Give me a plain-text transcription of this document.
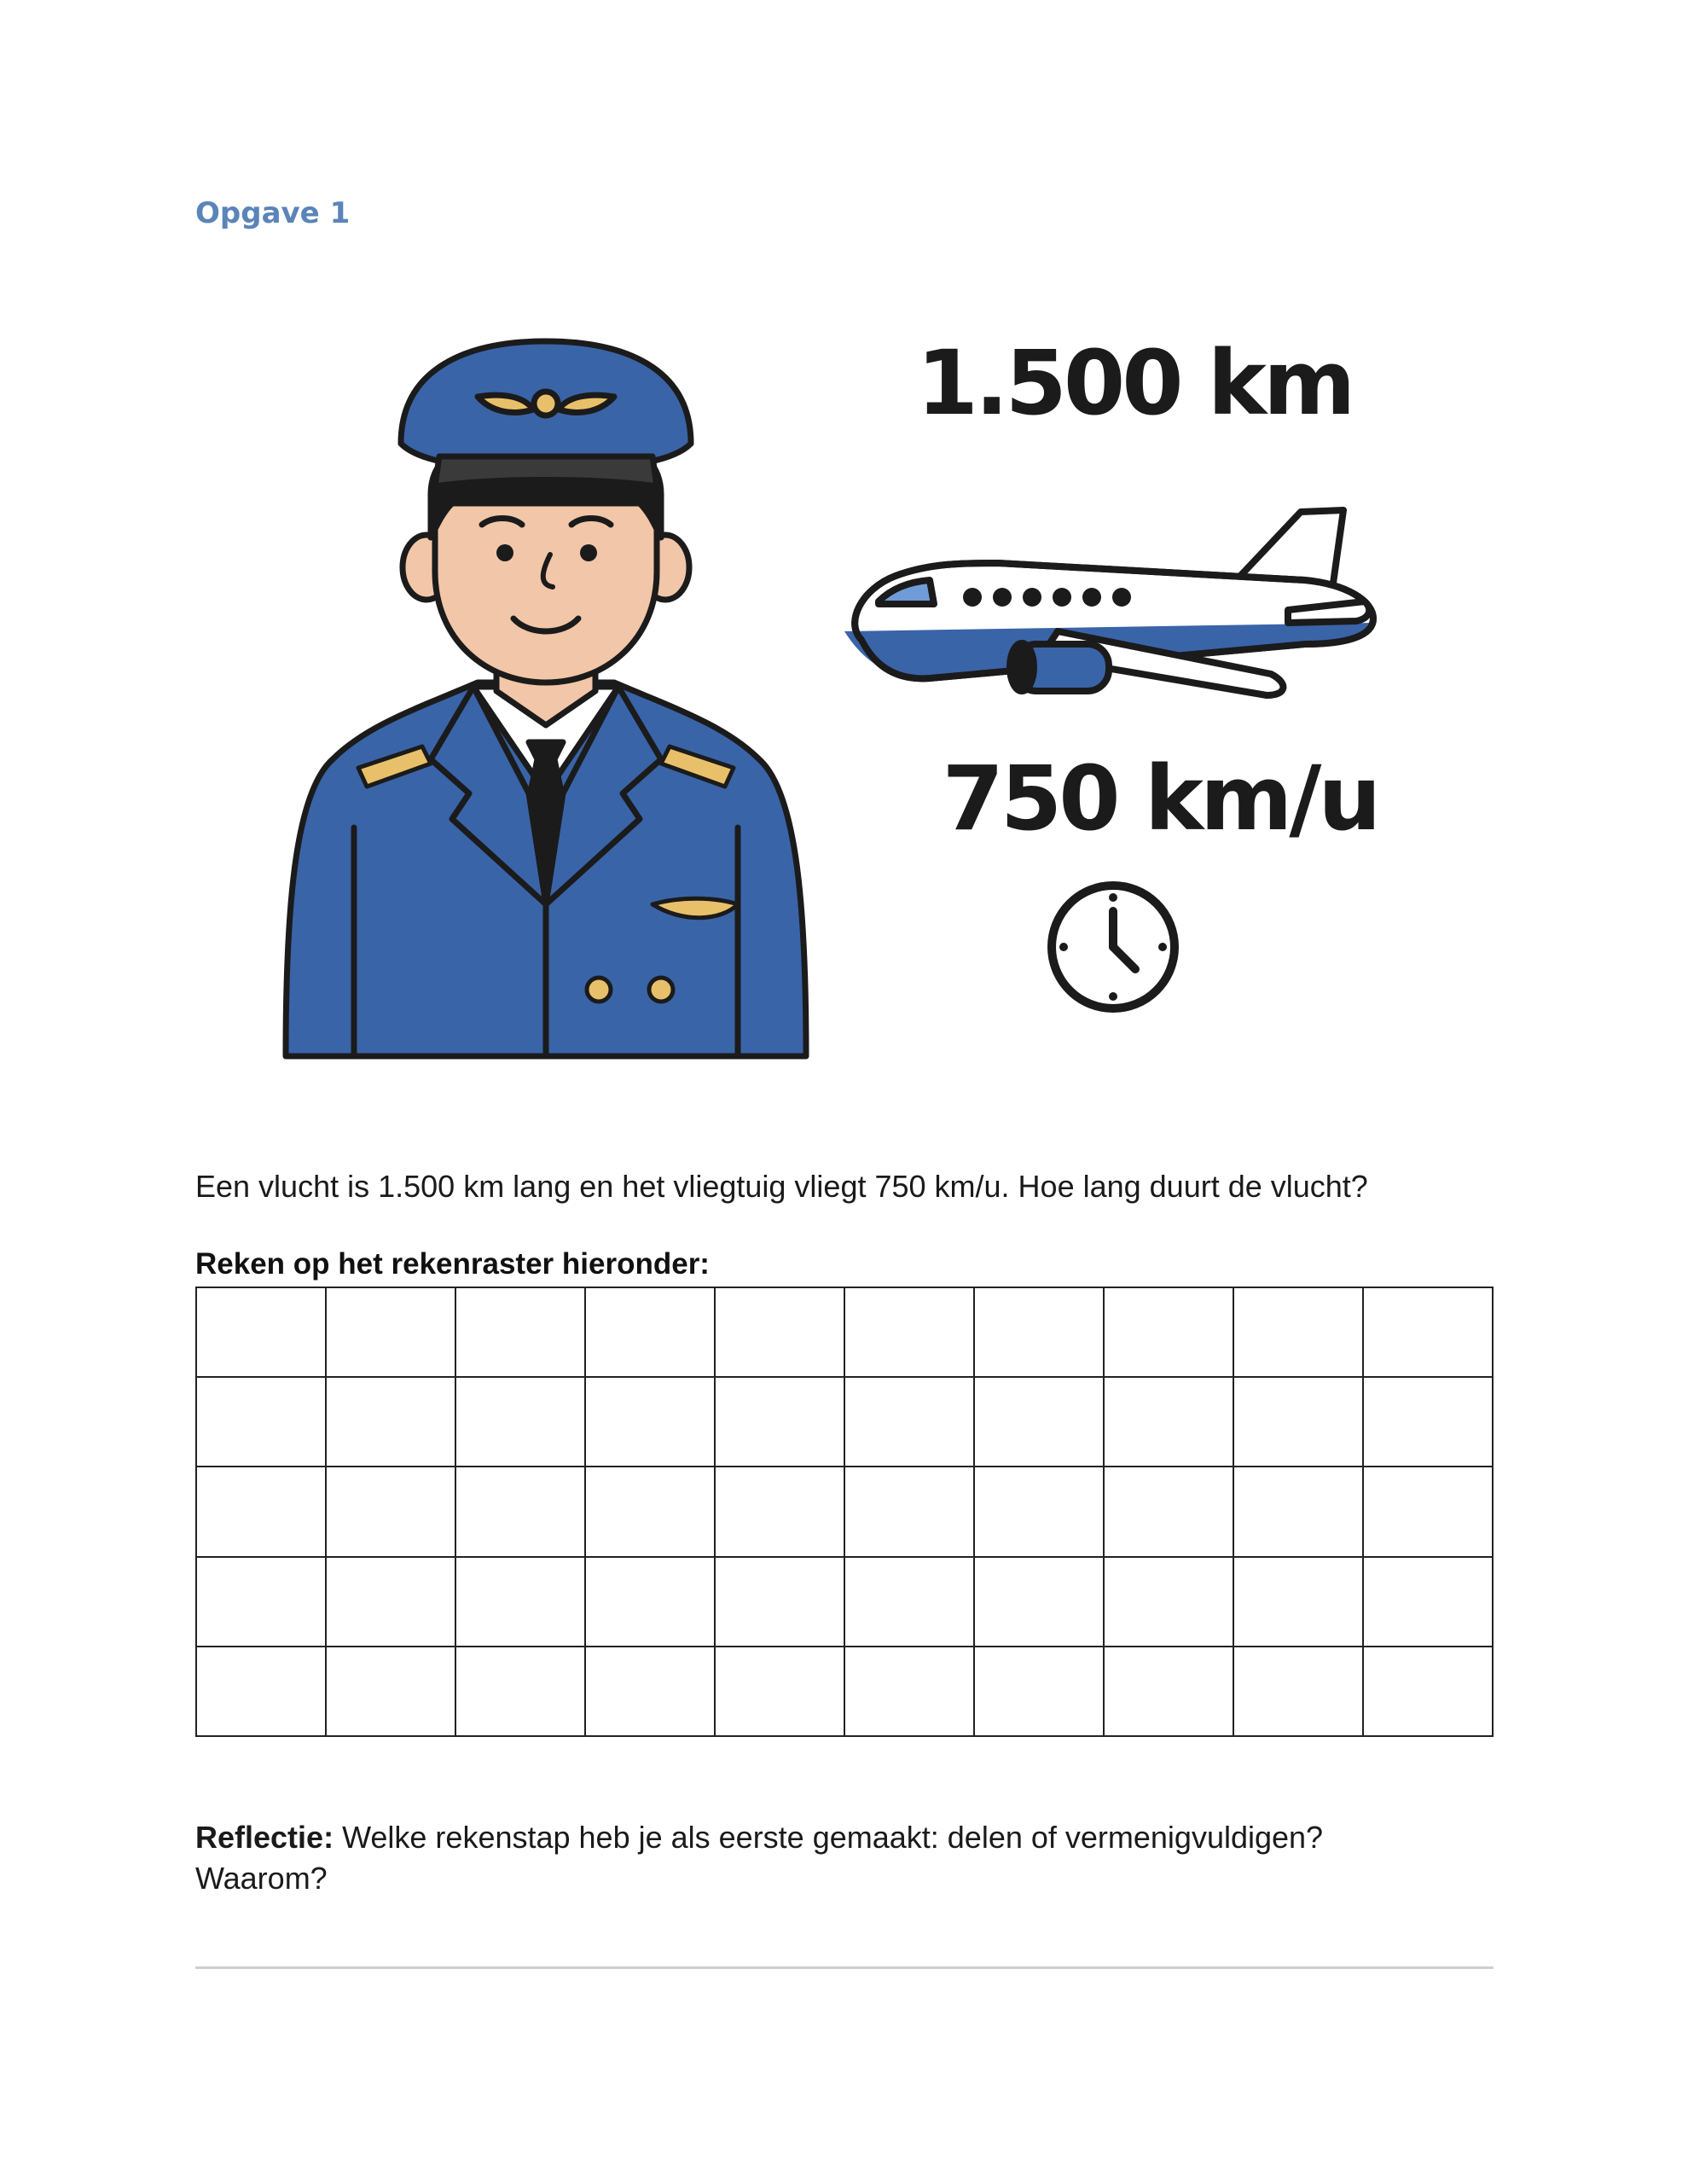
Opgave 1
1.500 km
750 km/u
Een vlucht is 1.500 km lang en het vliegtuig vliegt 750 km/u. Hoe lang duurt de vlucht?
Reken op het rekenraster hieronder:

Reflectie: Welke rekenstap heb je als eerste gemaakt: delen of vermenigvuldigen?
Waarom?
